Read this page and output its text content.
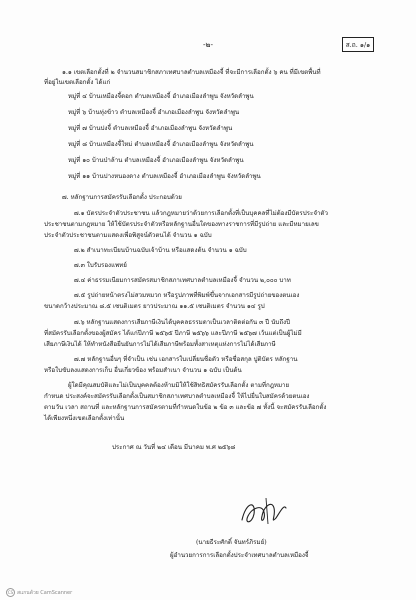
-๒-	ส.ถ. ๑/๑
๑.๑ เขตเลือกตั้งที่ ๒ จำนวนสมาชิกสภาเทศบาลตำบลเหมืองจี้ ที่จะมีการเลือกตั้ง ๖ คน ที่มีเขตพื้นที่
ที่อยู่ในเขตเลือกตั้ง ได้แก่
หมู่ที่ ๔ บ้านเหมืองจี้ดอก ตำบลเหมืองจี้ อำเภอเมืองลำพูน จังหวัดลำพูน
หมู่ที่ ๖ บ้านทุ่งข้าว ตำบลเหมืองจี้ อำเภอเมืองลำพูน จังหวัดลำพูน
หมู่ที่ ๗ บ้านปงจี้ ตำบลเหมืองจี้ อำเภอเมืองลำพูน จังหวัดลำพูน
หมู่ที่ ๘ บ้านเหมืองจี้ใหม่ ตำบลเหมืองจี้ อำเภอเมืองลำพูน จังหวัดลำพูน
หมู่ที่ ๑๐ บ้านป่าล้าน ตำบลเหมืองจี้ อำเภอเมืองลำพูน จังหวัดลำพูน
หมู่ที่ ๑๑ บ้านปางหนองดาง ตำบลเหมืองจี้ อำเภอเมืองลำพูน จังหวัดลำพูน
๗. หลักฐานการสมัครรับเลือกตั้ง ประกอบด้วย
๗.๑ บัตรประจำตัวประชาชน แล้วกฎหมายว่าด้วยการเลือกตั้งที่เป็นบุคคลที่ไม่ต้องมีบัตรประจำตัว
ประชาชนตามกฎหมาย ให้ใช้บัตรประจำตัวหรือหลักฐานอื่นใดของทางราชการที่มีรูปถ่าย และมีหมายเลข
ประจำตัวประชาชนตามแสดงเพื่อพิสูจน์ตัวตนได้ จำนวน ๑ ฉบับ
๗.๒ สำเนาทะเบียนบ้านฉบับเจ้าบ้าน หรือแสดงต้น จำนวน ๑ ฉบับ
๗.๓ ใบรับรองแพทย์
๗.๔ ค่าธรรมเนียมการสมัครสมาชิกสภาเทศบาลตำบลเหมืองจี้ จำนวน ๒,๐๐๐ บาท
๗.๕ รูปถ่ายหน้าตรงไม่สวมหมวก หรือรูปภาพที่พิมพ์ขึ้นจากเอกสารมีรูปถ่ายของตนเอง
ขนาดกว้างประมาณ ๘.๕ เซนติเมตร ยาวประมาณ ๑๑.๕ เซนติเมตร จำนวน ๑๔ รูป
๗.๖ หลักฐานแสดงการเสียภาษีเงินได้บุคคลธรรมดาเป็นเวลาติดต่อกัน ๓ ปี นับถึงปี
ที่สมัครรับเลือกตั้งของผู้สมัคร ได้แก่ปีภาษี ๒๕๖๕ ปีภาษี ๒๕๖๖ และปีภาษี ๒๕๖๗ เว้นแต่เป็นผู้ไม่มี
เสียภาษีเงินได้ ให้ทำหนังสือยืนยันการไม่ได้เสียภาษีพร้อมทั้งสาเหตุแห่งการไม่ได้เสียภาษี
๗.๗ หลักฐานอื่นๆ ที่จำเป็น เช่น เอกสารใบเปลี่ยนชื่อตัว หรือชื่อสกุล ปูติบัตร หลักฐาน
หรือใบขับลงแสดงการเก็บ อื่นเกี่ยวข้อง พร้อมสำเนา จำนวน ๑ ฉบับ เป็นต้น
ผู้ใดมีคุณสมบัติและไม่เป็นบุคคลต้องห้ามมิให้ใช้สิทธิสมัครรับเลือกตั้ง ตามที่กฎหมาย
กำหนด ประสงค์จะสมัครรับเลือกตั้งเป็นสมาชิกสภาเทศบาลตำบลเหมืองจี้ ให้ไปยื่นใบสมัครด้วยตนเอง
ตามวัน เวลา สถานที่ และหลักฐานการสมัครตามที่กำหนดในข้อ ๒ ข้อ ๓ และข้อ ๗ ทั้งนี้ จะสมัครรับเลือกตั้ง
ได้เพียงหนึ่งเขตเลือกตั้งเท่านั้น
ประกาศ ณ วันที่ ๒๔ เดือน มีนาคม พ.ศ ๒๕๖๘
(นายธีระศักดิ์ จันทร์ภิรมย์)
ผู้อำนวยการการเลือกตั้งประจำเทศบาลตำบลเหมืองจี้
CS สแกนด้วย CamScanner
